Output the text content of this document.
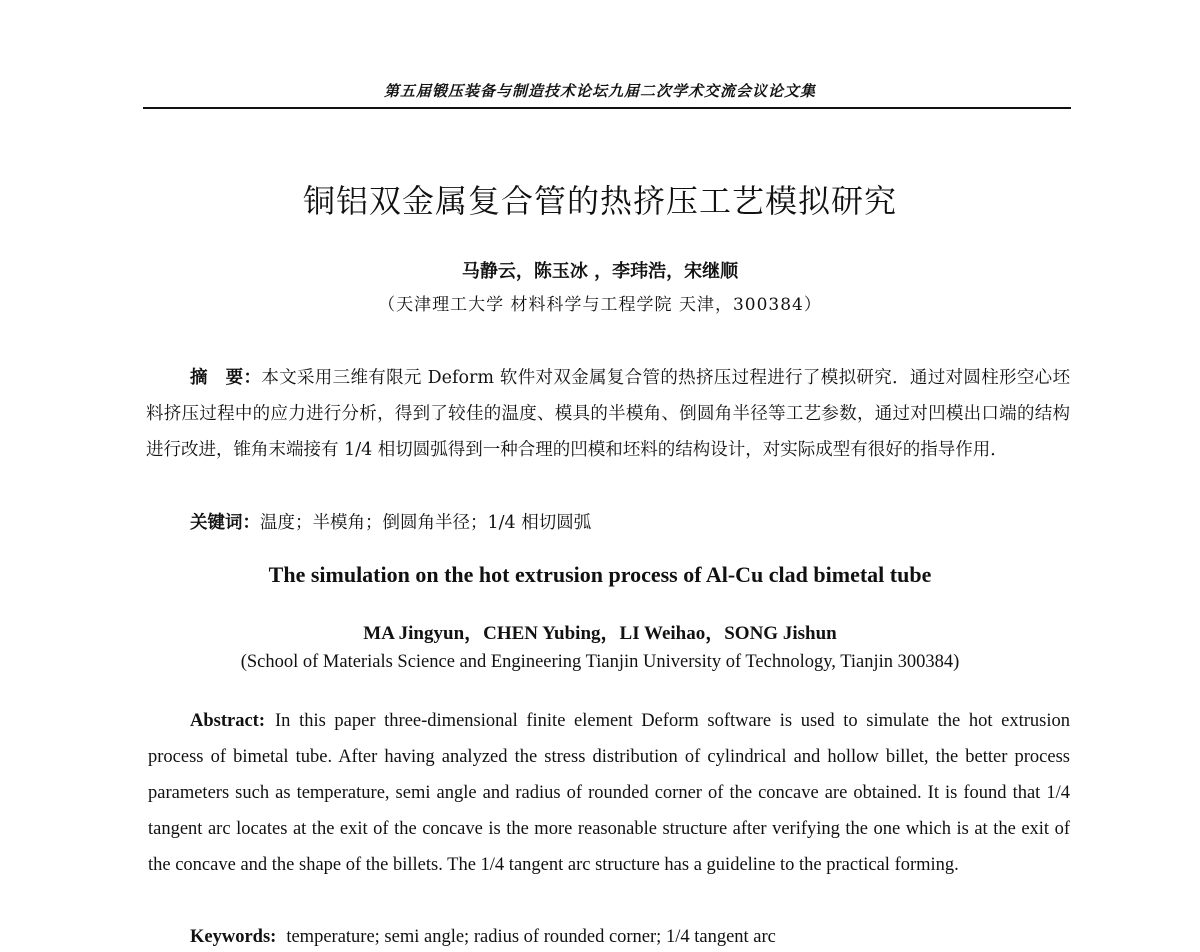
第五届锻压装备与制造技术论坛九届二次学术交流会议论文集
铜铝双金属复合管的热挤压工艺模拟研究
马静云，陈玉冰 ，李玮浩，宋继顺
（天津理工大学 材料科学与工程学院 天津，300384）

摘　要：本文采用三维有限元 Deform 软件对双金属复合管的热挤压过程进行了模拟研究．通过对圆柱形空心坯料挤压过程中的应力进行分析，得到了较佳的温度、模具的半模角、倒圆角半径等工艺参数，通过对凹模出口端的结构进行改进，锥角末端接有 1/4 相切圆弧得到一种合理的凹模和坯料的结构设计，对实际成型有很好的指导作用．

关键词：温度；半模角；倒圆角半径；1/4 相切圆弧

The simulation on the hot extrusion process of Al-Cu clad bimetal tube
MA Jingyun，CHEN Yubing，LI Weihao，SONG Jishun
(School of Materials Science and Engineering Tianjin University of Technology, Tianjin 300384)

Abstract: In this paper three-dimensional finite element Deform software is used to simulate the hot extrusion process of bimetal tube. After having analyzed the stress distribution of cylindrical and hollow billet, the better process parameters such as temperature, semi angle and radius of rounded corner of the concave are obtained. It is found that 1/4 tangent arc locates at the exit of the concave is the more reasonable structure after verifying the one which is at the exit of the concave and the shape of the billets. The 1/4 tangent arc structure has a guideline to the practical forming.

Keywords: temperature; semi angle; radius of rounded corner; 1/4 tangent arc
